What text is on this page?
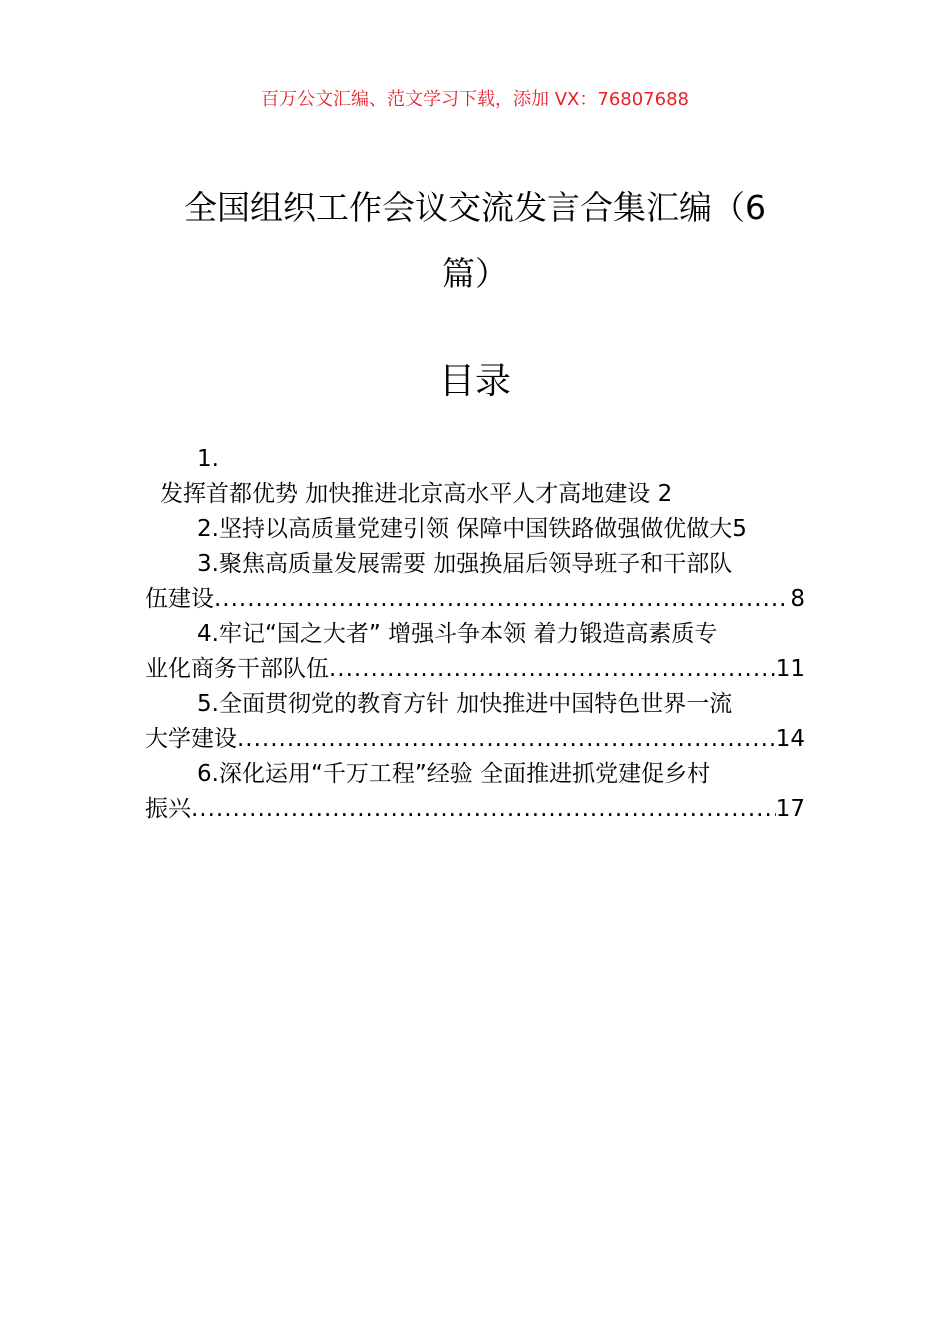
百万公文汇编、范文学习下载，添加 VX：76807688
全国组织工作会议交流发言合集汇编（6
篇）
目录
1.
发挥首都优势 加快推进北京高水平人才高地建设 2
2.坚持以高质量党建引领 保障中国铁路做强做优做大 5
3.聚焦高质量发展需要 加强换届后领导班子和干部队
伍建设 .....	8
4.牢记“国之大者” 增强斗争本领 着力锻造高素质专
业化商务干部队伍 .....	11
5.全面贯彻党的教育方针 加快推进中国特色世界一流
大学建设 .....	14
6.深化运用“千万工程”经验 全面推进抓党建促乡村
振兴 .....	17
